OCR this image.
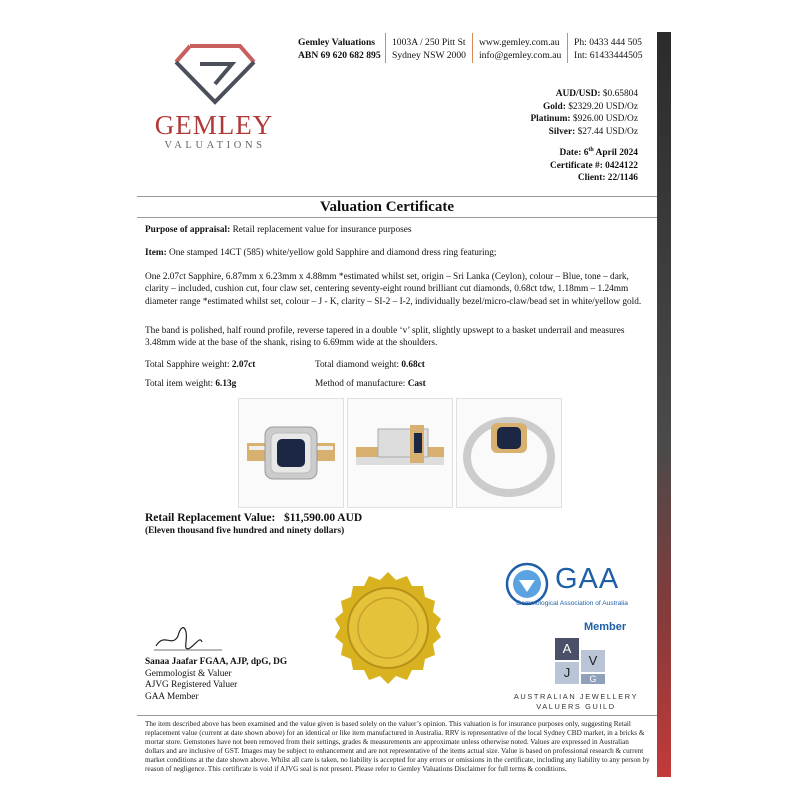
GEMLEY
VALUATIONS
Gemley Valuations
ABN 69 620 682 895
1003A / 250 Pitt St
Sydney NSW 2000
www.gemley.com.au
info@gemley.com.au
Ph: 0433 444 505
Int: 61433444505
AUD/USD: $0.65804
Gold: $2329.20 USD/Oz
Platinum: $926.00 USD/Oz
Silver: $27.44 USD/Oz
Date: 6th April 2024
Certificate #: 0424122
Client: 22/1146
Valuation Certificate
Purpose of appraisal: Retail replacement value for insurance purposes
Item: One stamped 14CT (585) white/yellow gold Sapphire and diamond dress ring featuring;
One 2.07ct Sapphire, 6.87mm x 6.23mm x 4.88mm *estimated whilst set, origin – Sri Lanka (Ceylon), colour – Blue, tone – dark, clarity – included, cushion cut, four claw set, centering seventy-eight round brilliant cut diamonds, 0.68ct tdw, 1.18mm – 1.24mm diameter range *estimated whilst set, colour – J - K, clarity – SI-2 – I-2, individually bezel/micro-claw/bead set in white/yellow gold.
The band is polished, half round profile, reverse tapered in a double ‘v’ split, slightly upswept to a basket underrail and measures 3.48mm wide at the base of the shank, rising to 6.69mm wide at the shoulders.
Total Sapphire weight: 2.07ct	Total diamond weight: 0.68ct
Total item weight: 6.13g	Method of manufacture: Cast
Retail Replacement Value: $11,590.00 AUD
(Eleven thousand five hundred and ninety dollars)
Sanaa Jaafar FGAA, AJP, dpG, DG
Gemmologist & Valuer
AJVG Registered Valuer
GAA Member
GAA
Gemmological Association of Australia
Member
A
V
J	G
AUSTRALIAN JEWELLERY
VALUERS GUILD
The item described above has been examined and the value given is based solely on the valuer’s opinion. This valuation is for insurance purposes only, suggesting Retail replacement value (current at date shown above) for an identical or like item manufactured in Australia. RRV is representative of the local Sydney CBD market, in a bricks & mortar store. Gemstones have not been removed from their settings, grades & measurements are approximate unless otherwise noted. Values are expressed in Australian dollars and are inclusive of GST. Images may be subject to enhancement and are not representative of the items actual size. Value is based on professional research & current market conditions at the date shown above. Whilst all care is taken, no liability is accepted for any errors or omissions in the certificate, including any liability to any person by reason of negligence. This certificate is void if AJVG seal is not present. Please refer to Gemley Valuations Disclaimer for full terms & conditions.
